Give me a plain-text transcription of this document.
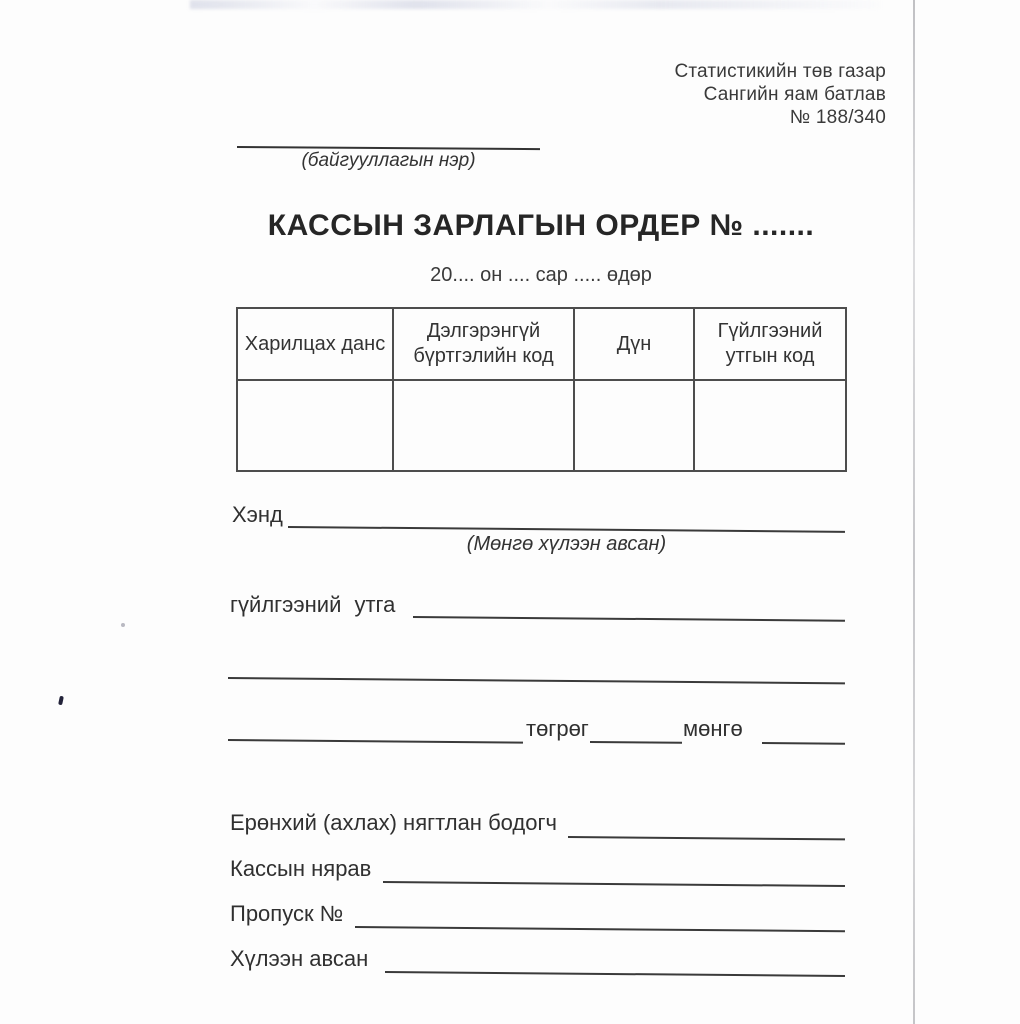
Статистикийн төв газар
Сангийн яам батлав
№ 188/340
(байгууллагын нэр)
КАССЫН ЗАРЛАГЫН ОРДЕР № .......
20.... он .... сар ..... өдөр
Харилцах данс	Дэлгэрэнгүй бүртгэлийн код	Дүн	Гүйлгээний утгын код

Хэнд
(Мөнгө хүлээн авсан)
гүйлгээний утга
төгрөг	мөнгө
Ерөнхий (ахлах) нягтлан бодогч
Кассын нярав
Пропуск №
Хүлээн авсан
